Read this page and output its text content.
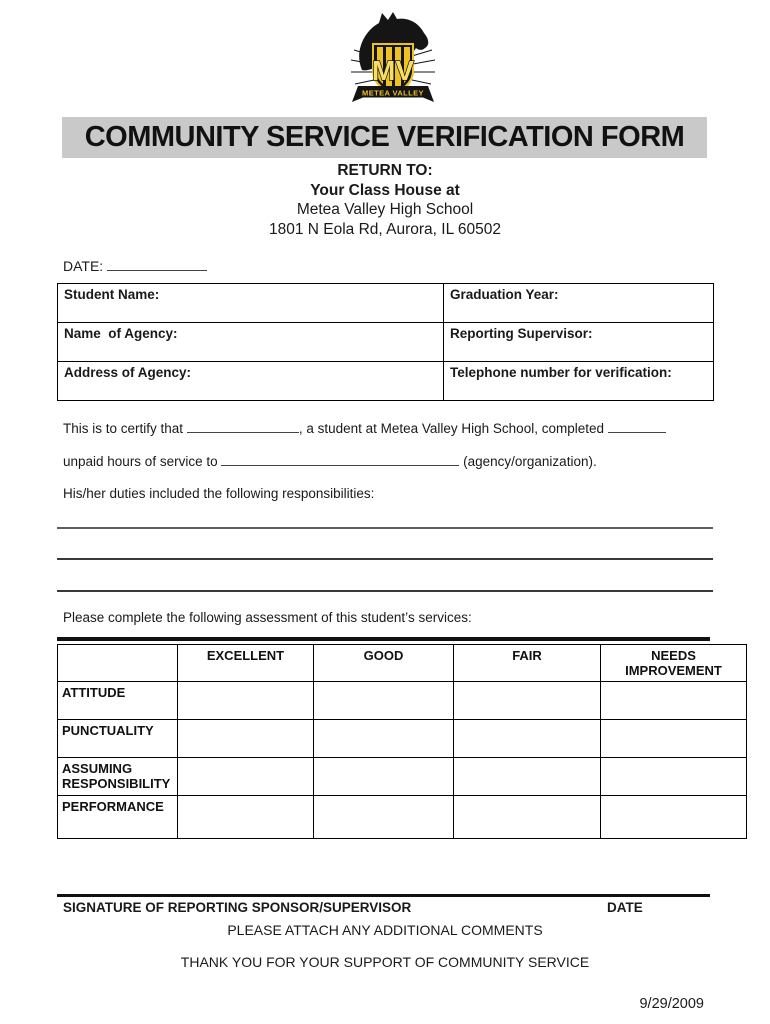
MV
METEA VALLEY
COMMUNITY SERVICE VERIFICATION FORM
RETURN TO:
Your Class House at
Metea Valley High School
1801 N Eola Rd, Aurora, IL 60502
DATE:
Student Name:	Graduation Year:
Name  of Agency:	Reporting Supervisor:
Address of Agency:	Telephone number for verification:
This is to certify that	, a student at Metea Valley High School, completed
unpaid hours of service to	(agency/organization).
His/her duties included the following responsibilities:
Please complete the following assessment of this student’s services:
	EXCELLENT	GOOD	FAIR	NEEDS IMPROVEMENT
ATTITUDE				
PUNCTUALITY				
ASSUMING RESPONSIBILITY				
PERFORMANCE				
SIGNATURE OF REPORTING SPONSOR/SUPERVISOR	DATE
PLEASE ATTACH ANY ADDITIONAL COMMENTS
THANK YOU FOR YOUR SUPPORT OF COMMUNITY SERVICE
9/29/2009
